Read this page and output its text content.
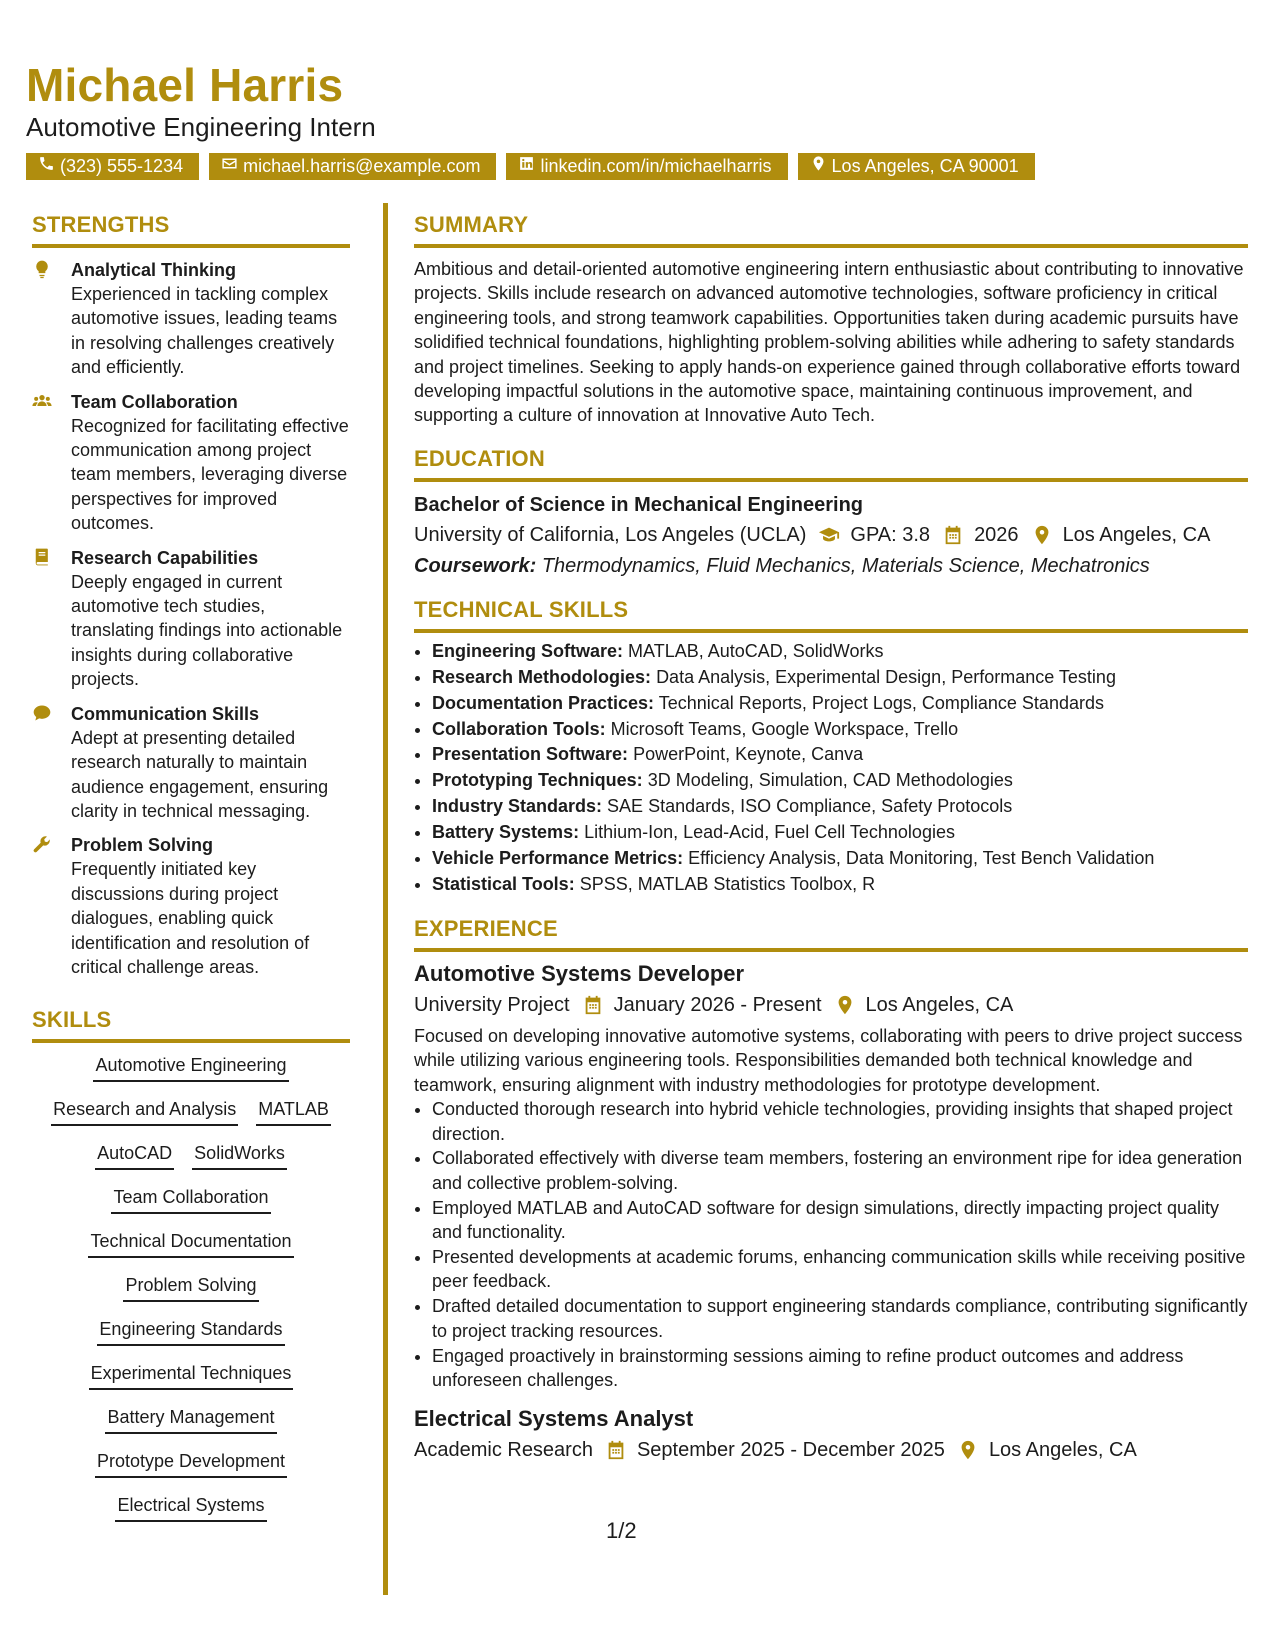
Michael Harris
Automotive Engineering Intern
(323) 555-1234	michael.harris@example.com	linkedin.com/in/michaelharris	Los Angeles, CA 90001
STRENGTHS
Analytical Thinking
Experienced in tackling complex automotive issues, leading teams in resolving challenges creatively and efficiently.
Team Collaboration
Recognized for facilitating effective communication among project team members, leveraging diverse perspectives for improved outcomes.
Research Capabilities
Deeply engaged in current automotive tech studies, translating findings into actionable insights during collaborative projects.
Communication Skills
Adept at presenting detailed research naturally to maintain audience engagement, ensuring clarity in technical messaging.
Problem Solving
Frequently initiated key discussions during project dialogues, enabling quick identification and resolution of critical challenge areas.
SKILLS
Automotive Engineering
Research and Analysis MATLAB
AutoCAD SolidWorks
Team Collaboration
Technical Documentation
Problem Solving
Engineering Standards
Experimental Techniques
Battery Management
Prototype Development
Electrical Systems
SUMMARY

Ambitious and detail-oriented automotive engineering intern enthusiastic about contributing to innovative projects. Skills include research on advanced automotive technologies, software proficiency in critical engineering tools, and strong teamwork capabilities. Opportunities taken during academic pursuits have solidified technical foundations, highlighting problem-solving abilities while adhering to safety standards and project timelines. Seeking to apply hands-on experience gained through collaborative efforts toward developing impactful solutions in the automotive space, maintaining continuous improvement, and supporting a culture of innovation at Innovative Auto Tech.

EDUCATION
Bachelor of Science in Mechanical Engineering
University of California, Los Angeles (UCLA) GPA: 3.8 2026 Los Angeles, CA
Coursework: Thermodynamics, Fluid Mechanics, Materials Science, Mechatronics
TECHNICAL SKILLS
• Engineering Software: MATLAB, AutoCAD, SolidWorks
• Research Methodologies: Data Analysis, Experimental Design, Performance Testing
• Documentation Practices: Technical Reports, Project Logs, Compliance Standards
• Collaboration Tools: Microsoft Teams, Google Workspace, Trello
• Presentation Software: PowerPoint, Keynote, Canva
• Prototyping Techniques: 3D Modeling, Simulation, CAD Methodologies
• Industry Standards: SAE Standards, ISO Compliance, Safety Protocols
• Battery Systems: Lithium-Ion, Lead-Acid, Fuel Cell Technologies
• Vehicle Performance Metrics: Efficiency Analysis, Data Monitoring, Test Bench Validation
• Statistical Tools: SPSS, MATLAB Statistics Toolbox, R
EXPERIENCE
Automotive Systems Developer
University Project January 2026 - Present Los Angeles, CA

Focused on developing innovative automotive systems, collaborating with peers to drive project success while utilizing various engineering tools. Responsibilities demanded both technical knowledge and teamwork, ensuring alignment with industry methodologies for prototype development.

• Conducted thorough research into hybrid vehicle technologies, providing insights that shaped project direction.
• Collaborated effectively with diverse team members, fostering an environment ripe for idea generation and collective problem-solving.
• Employed MATLAB and AutoCAD software for design simulations, directly impacting project quality and functionality.
• Presented developments at academic forums, enhancing communication skills while receiving positive peer feedback.
• Drafted detailed documentation to support engineering standards compliance, contributing significantly to project tracking resources.
• Engaged proactively in brainstorming sessions aiming to refine product outcomes and address unforeseen challenges.
Electrical Systems Analyst
Academic Research September 2025 - December 2025 Los Angeles, CA
1/2
